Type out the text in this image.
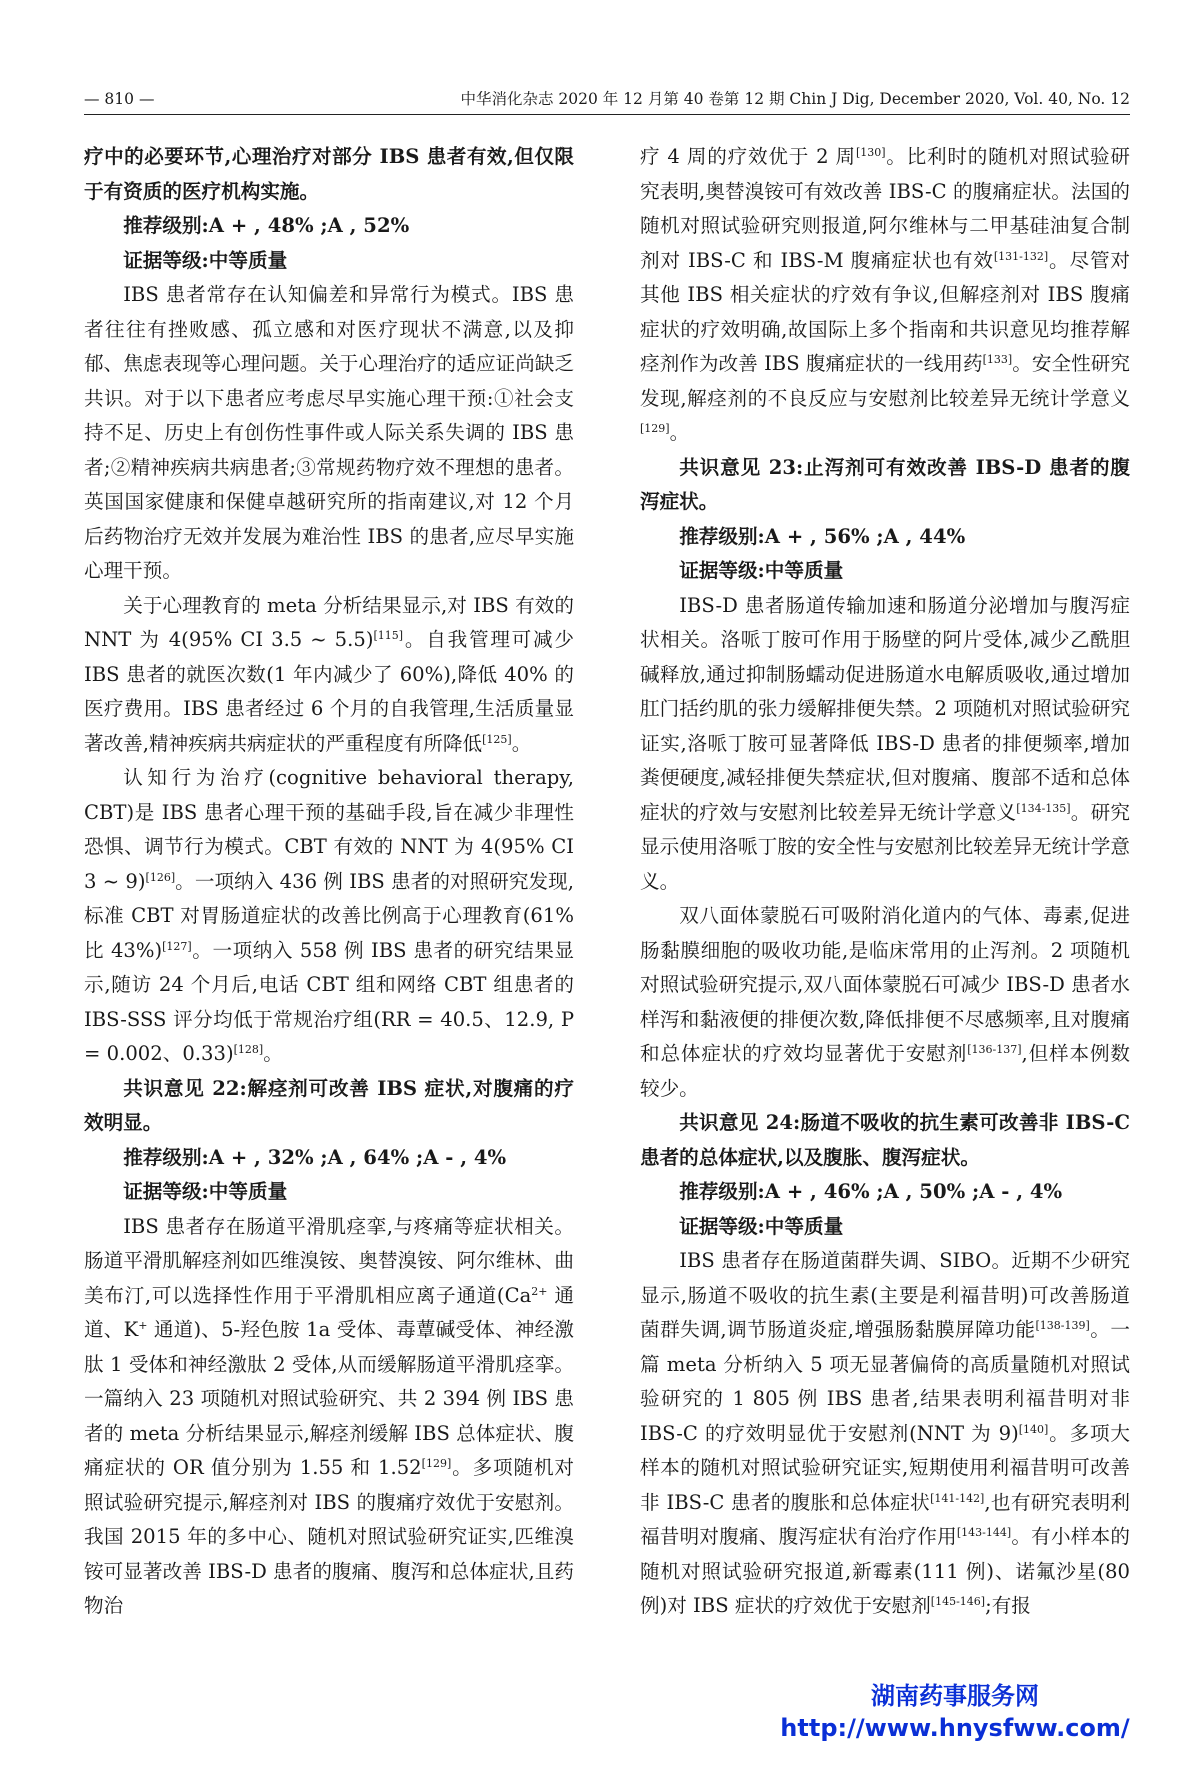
— 810 —	中华消化杂志 2020 年 12 月第 40 卷第 12 期 Chin J Dig, December 2020, Vol. 40, No. 12

疗中的必要环节,心理治疗对部分 IBS 患者有效,但仅限于有资质的医疗机构实施。

推荐级别:A + , 48% ;A , 52%

证据等级:中等质量

IBS 患者常存在认知偏差和异常行为模式。IBS 患者往往有挫败感、孤立感和对医疗现状不满意,以及抑郁、焦虑表现等心理问题。关于心理治疗的适应证尚缺乏共识。对于以下患者应考虑尽早实施心理干预:①社会支持不足、历史上有创伤性事件或人际关系失调的 IBS 患者;②精神疾病共病患者;③常规药物疗效不理想的患者。英国国家健康和保健卓越研究所的指南建议,对 12 个月后药物治疗无效并发展为难治性 IBS 的患者,应尽早实施心理干预。

关于心理教育的 meta 分析结果显示,对 IBS 有效的 NNT 为 4(95% CI 3.5 ~ 5.5)[115]。自我管理可减少 IBS 患者的就医次数(1 年内减少了 60%),降低 40% 的医疗费用。IBS 患者经过 6 个月的自我管理,生活质量显著改善,精神疾病共病症状的严重程度有所降低[125]。

认知行为治疗(cognitive behavioral therapy, CBT)是 IBS 患者心理干预的基础手段,旨在减少非理性恐惧、调节行为模式。CBT 有效的 NNT 为 4(95% CI 3 ~ 9)[126]。一项纳入 436 例 IBS 患者的对照研究发现,标准 CBT 对胃肠道症状的改善比例高于心理教育(61% 比 43%)[127]。一项纳入 558 例 IBS 患者的研究结果显示,随访 24 个月后,电话 CBT 组和网络 CBT 组患者的 IBS-SSS 评分均低于常规治疗组(RR = 40.5、12.9, P = 0.002、0.33)[128]。

共识意见 22:解痉剂可改善 IBS 症状,对腹痛的疗效明显。

推荐级别:A + , 32% ;A , 64% ;A - , 4%

证据等级:中等质量

IBS 患者存在肠道平滑肌痉挛,与疼痛等症状相关。肠道平滑肌解痉剂如匹维溴铵、奥替溴铵、阿尔维林、曲美布汀,可以选择性作用于平滑肌相应离子通道($Ca^{2+}$ 通道、K+ 通道)、5-羟色胺 1a 受体、毒蕈碱受体、神经激肽 1 受体和神经激肽 2 受体,从而缓解肠道平滑肌痉挛。一篇纳入 23 项随机对照试验研究、共 2 394 例 IBS 患者的 meta 分析结果显示,解痉剂缓解 IBS 总体症状、腹痛症状的 OR 值分别为 1.55 和 1.52[129]。多项随机对照试验研究提示,解痉剂对 IBS 的腹痛疗效优于安慰剂。我国 2015 年的多中心、随机对照试验研究证实,匹维溴铵可显著改善 IBS-D 患者的腹痛、腹泻和总体症状,且药物治

疗 4 周的疗效优于 2 周[130]。比利时的随机对照试验研究表明,奥替溴铵可有效改善 IBS-C 的腹痛症状。法国的随机对照试验研究则报道,阿尔维林与二甲基硅油复合制剂对 IBS-C 和 IBS-M 腹痛症状也有效[131-132]。尽管对其他 IBS 相关症状的疗效有争议,但解痉剂对 IBS 腹痛症状的疗效明确,故国际上多个指南和共识意见均推荐解痉剂作为改善 IBS 腹痛症状的一线用药[133]。安全性研究发现,解痉剂的不良反应与安慰剂比较差异无统计学意义[129]。

共识意见 23:止泻剂可有效改善 IBS-D 患者的腹泻症状。

推荐级别:A + , 56% ;A , 44%

证据等级:中等质量

IBS-D 患者肠道传输加速和肠道分泌增加与腹泻症状相关。洛哌丁胺可作用于肠壁的阿片受体,减少乙酰胆碱释放,通过抑制肠蠕动促进肠道水电解质吸收,通过增加肛门括约肌的张力缓解排便失禁。2 项随机对照试验研究证实,洛哌丁胺可显著降低 IBS-D 患者的排便频率,增加粪便硬度,减轻排便失禁症状,但对腹痛、腹部不适和总体症状的疗效与安慰剂比较差异无统计学意义[134-135]。研究显示使用洛哌丁胺的安全性与安慰剂比较差异无统计学意义。

双八面体蒙脱石可吸附消化道内的气体、毒素,促进肠黏膜细胞的吸收功能,是临床常用的止泻剂。2 项随机对照试验研究提示,双八面体蒙脱石可减少 IBS-D 患者水样泻和黏液便的排便次数,降低排便不尽感频率,且对腹痛和总体症状的疗效均显著优于安慰剂[136-137],但样本例数较少。

共识意见 24:肠道不吸收的抗生素可改善非 IBS-C 患者的总体症状,以及腹胀、腹泻症状。

推荐级别:A + , 46% ;A , 50% ;A - , 4%

证据等级:中等质量

IBS 患者存在肠道菌群失调、SIBO。近期不少研究显示,肠道不吸收的抗生素(主要是利福昔明)可改善肠道菌群失调,调节肠道炎症,增强肠黏膜屏障功能[138-139]。一篇 meta 分析纳入 5 项无显著偏倚的高质量随机对照试验研究的 1 805 例 IBS 患者,结果表明利福昔明对非 IBS-C 的疗效明显优于安慰剂(NNT 为 9)[140]。多项大样本的随机对照试验研究证实,短期使用利福昔明可改善非 IBS-C 患者的腹胀和总体症状[141-142],也有研究表明利福昔明对腹痛、腹泻症状有治疗作用[143-144]。有小样本的随机对照试验研究报道,新霉素(111 例)、诺氟沙星(80 例)对 IBS 症状的疗效优于安慰剂[145-146];有报

湖南药事服务网
http://www.hnysfww.com/
